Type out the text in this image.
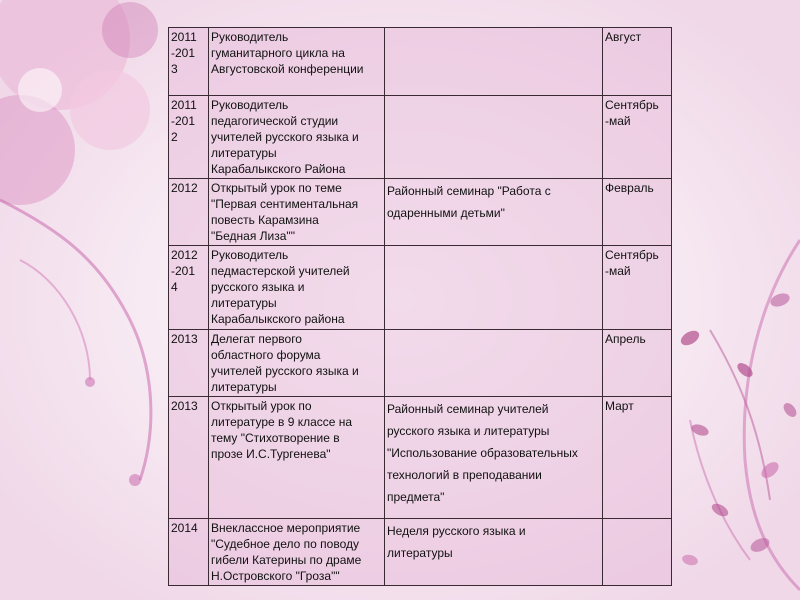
2011
-201
3	Руководитель
гуманитарного цикла на
Августовской конференции		Август
2011
-201
2	Руководитель
педагогической студии
учителей русского языка и
литературы
Карабалыкского Района		Сентябрь
-май
2012	Открытый урок по теме
"Первая сентиментальная
повесть Карамзина
"Бедная Лиза""	Районный семинар "Работа с
одаренными детьми"	Февраль
2012
-201
4	Руководитель
педмастерской учителей
русского языка и
литературы
Карабалыкского района		Сентябрь
-май
2013	Делегат первого
областного форума
учителей русского языка и
литературы		Апрель
2013	Открытый урок по
литературе в 9 классе на
тему "Стихотворение в
прозе И.С.Тургенева"	Районный семинар учителей
русского языка и литературы
"Использование образовательных
технологий в преподавании
предмета"	Март
2014	Внеклассное мероприятие
"Судебное дело по поводу
гибели Катерины по драме
Н.Островского "Гроза""	Неделя русского языка и
литературы	
